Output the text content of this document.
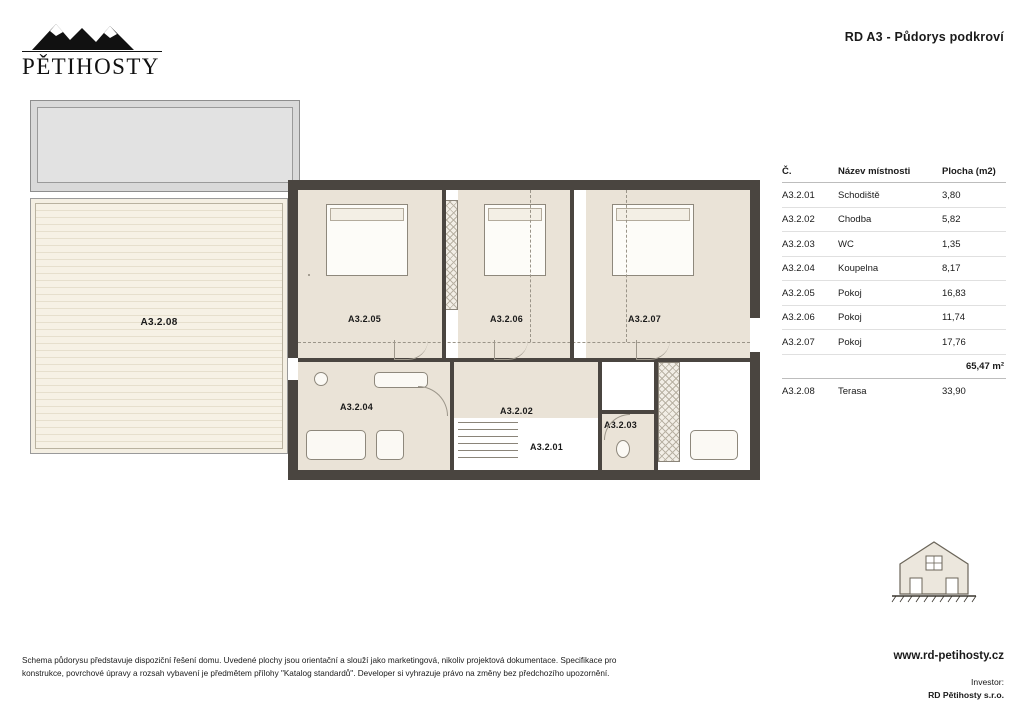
PĚTIHOSTY
RD A3 - Půdorys podkroví
A3.2.08	A3.2.05	A3.2.06	A3.2.07
A3.2.04	A3.2.02
A3.2.01
A3.2.03
Č.	Název místnosti	Plocha (m2)
A3.2.01	Schodiště	3,80
A3.2.02	Chodba	5,82
A3.2.03	WC	1,35
A3.2.04	Koupelna	8,17
A3.2.05	Pokoj	16,83
A3.2.06	Pokoj	11,74
A3.2.07	Pokoj	17,76
65,47 m²
A3.2.08	Terasa	33,90
Schema půdorysu představuje dispoziční řešení domu. Uvedené plochy jsou orientační a slouží jako marketingová, nikoliv projektová dokumentace. Specifikace pro konstrukce, povrchové úpravy a rozsah vybavení je předmětem přílohy "Katalog standardů". Developer si vyhrazuje právo na změny bez předchozího upozornění.
www.rd-petihosty.cz
Investor:
RD Pětihosty s.r.o.
